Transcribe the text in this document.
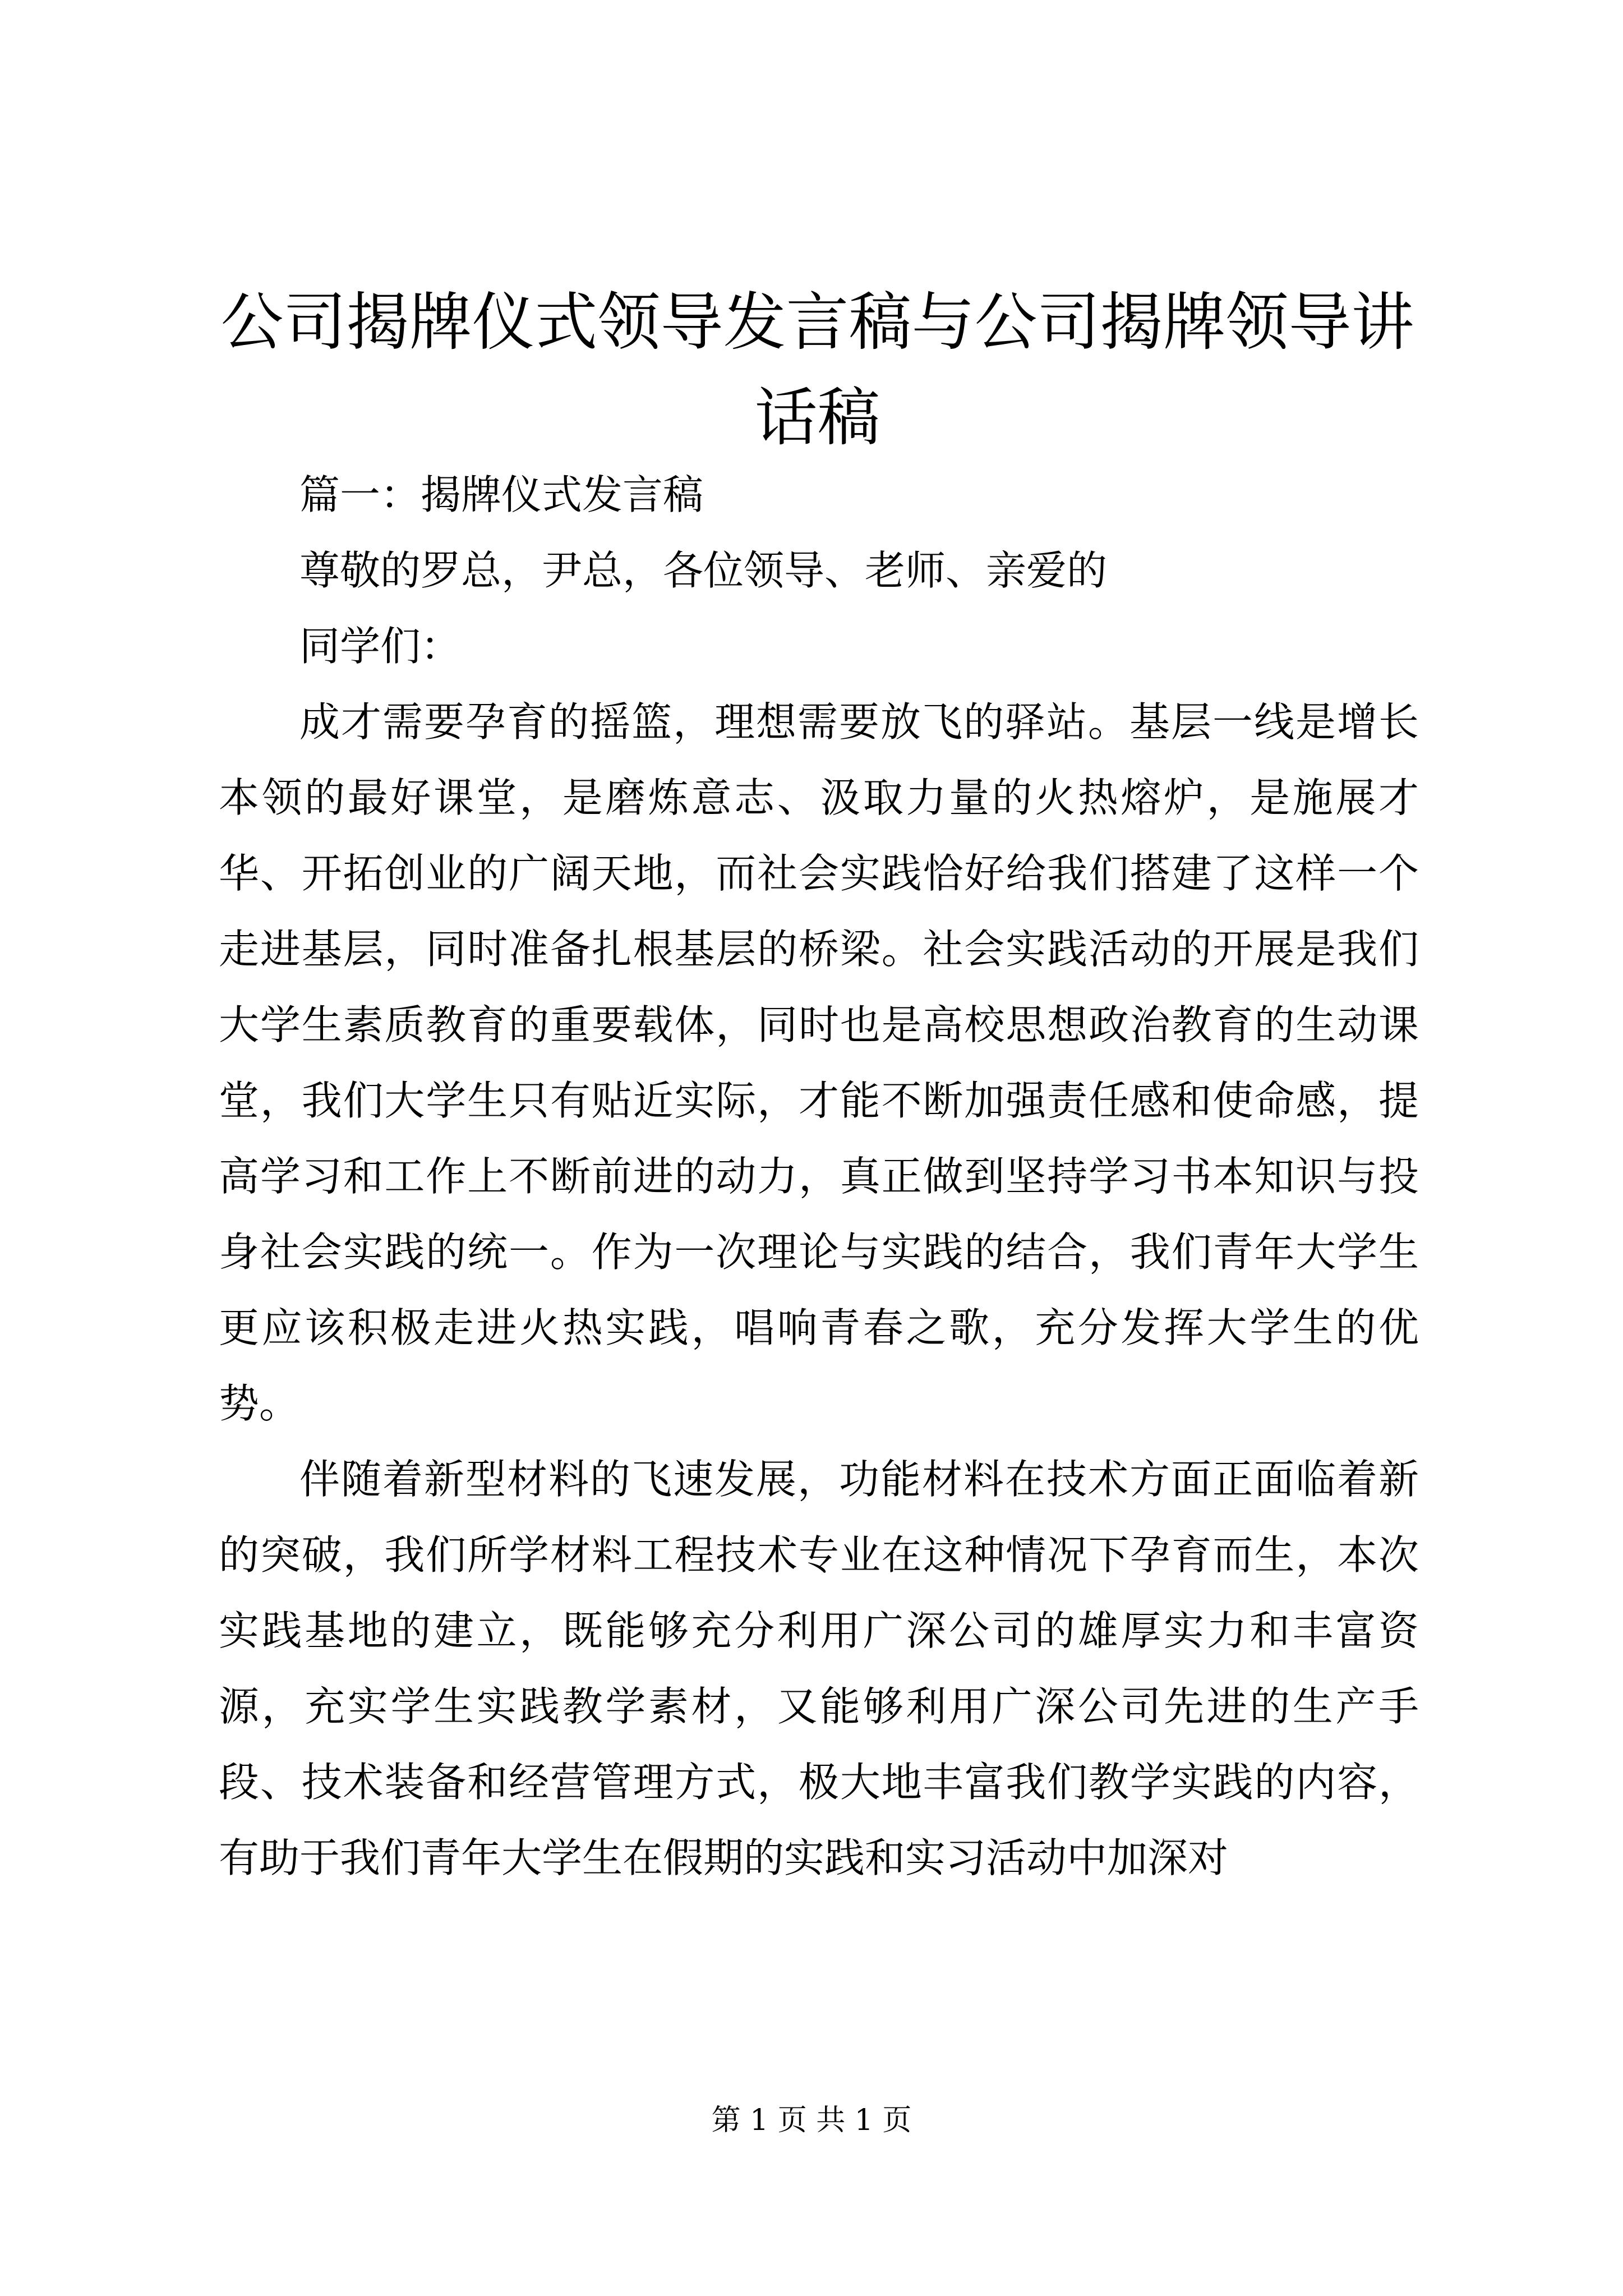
公司揭牌仪式领导发言稿与公司揭牌领导讲话稿

篇一：揭牌仪式发言稿

尊敬的罗总，尹总，各位领导、老师、亲爱的

同学们：

成才需要孕育的摇篮，理想需要放飞的驿站。基层一线是增长本领的最好课堂，是磨炼意志、汲取力量的火热熔炉，是施展才华、开拓创业的广阔天地，而社会实践恰好给我们搭建了这样一个走进基层，同时准备扎根基层的桥梁。社会实践活动的开展是我们大学生素质教育的重要载体，同时也是高校思想政治教育的生动课堂，我们大学生只有贴近实际，才能不断加强责任感和使命感，提高学习和工作上不断前进的动力，真正做到坚持学习书本知识与投身社会实践的统一。作为一次理论与实践的结合，我们青年大学生更应该积极走进火热实践，唱响青春之歌，充分发挥大学生的优势。

伴随着新型材料的飞速发展，功能材料在技术方面正面临着新的突破，我们所学材料工程技术专业在这种情况下孕育而生，本次实践基地的建立，既能够充分利用广深公司的雄厚实力和丰富资源，充实学生实践教学素材，又能够利用广深公司先进的生产手段、技术装备和经营管理方式，极大地丰富我们教学实践的内容，有助于我们青年大学生在假期的实践和实习活动中加深对

第 1 页 共 1 页
